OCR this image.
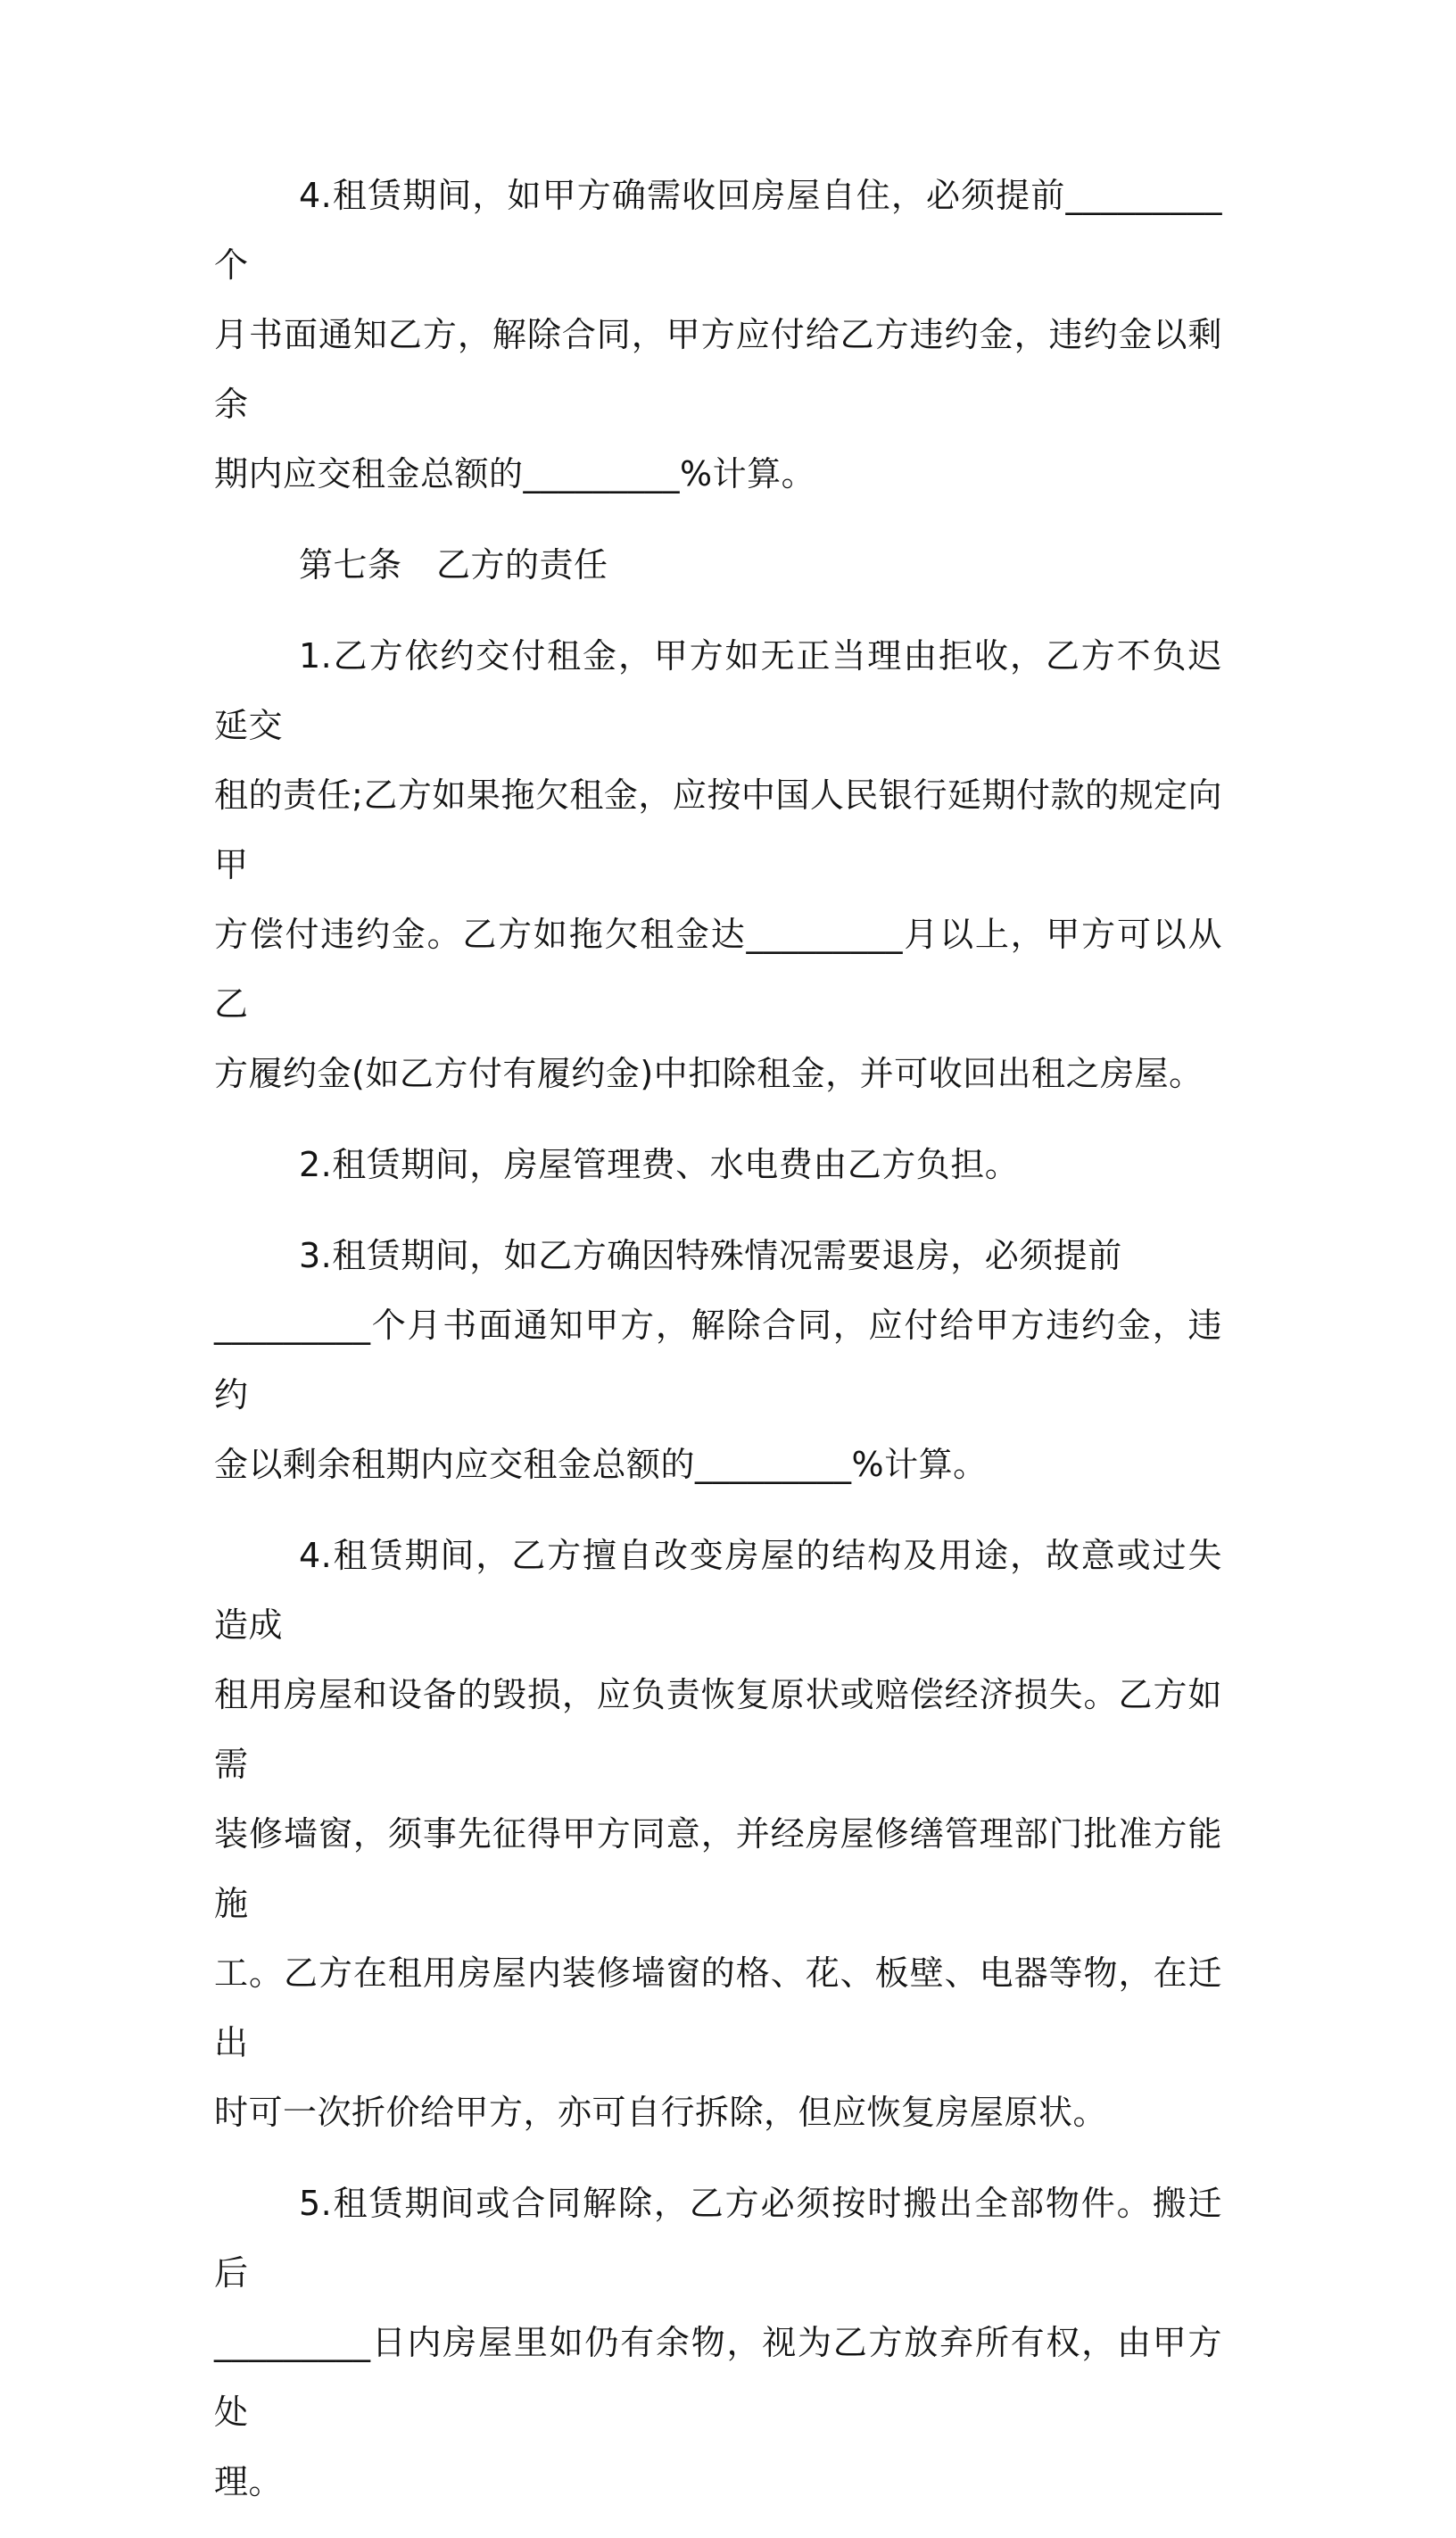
4.租赁期间，如甲方确需收回房屋自住，必须提前_________个
月书面通知乙方，解除合同，甲方应付给乙方违约金，违约金以剩余
期内应交租金总额的_________%计算。
第七条　乙方的责任
1.乙方依约交付租金，甲方如无正当理由拒收，乙方不负迟延交
租的责任;乙方如果拖欠租金，应按中国人民银行延期付款的规定向甲
方偿付违约金。乙方如拖欠租金达_________月以上，甲方可以从乙
方履约金(如乙方付有履约金)中扣除租金，并可收回出租之房屋。
2.租赁期间，房屋管理费、水电费由乙方负担。
3.租赁期间，如乙方确因特殊情况需要退房，必须提前
_________个月书面通知甲方，解除合同，应付给甲方违约金，违约
金以剩余租期内应交租金总额的_________%计算。
4.租赁期间，乙方擅自改变房屋的结构及用途，故意或过失造成
租用房屋和设备的毁损，应负责恢复原状或赔偿经济损失。乙方如需
装修墙窗，须事先征得甲方同意，并经房屋修缮管理部门批准方能施
工。乙方在租用房屋内装修墙窗的格、花、板壁、电器等物，在迁出
时可一次折价给甲方，亦可自行拆除，但应恢复房屋原状。
5.租赁期间或合同解除，乙方必须按时搬出全部物件。搬迁后
_________日内房屋里如仍有余物，视为乙方放弃所有权，由甲方处
理。
